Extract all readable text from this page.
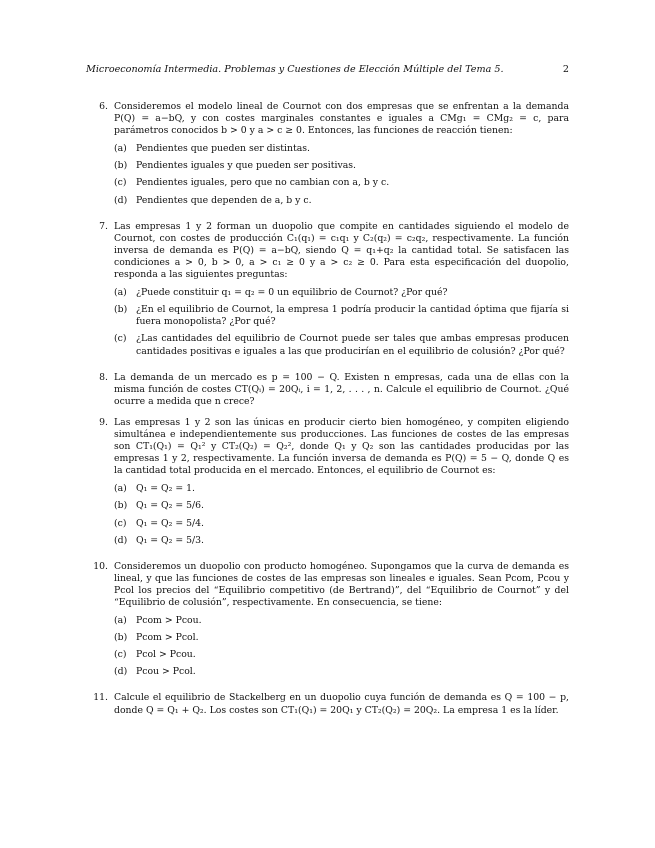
Microeconomía Intermedia. Problemas y Cuestiones de Elección Múltiple del Tema 5.	2
6. Consideremos el modelo lineal de Cournot con dos empresas que se enfrentan a la demanda P(Q) = a−bQ, y con costes marginales constantes e iguales a CMg₁ = CMg₂ = c, para parámetros conocidos b > 0 y a > c ≥ 0. Entonces, las funciones de reacción tienen:
(a) Pendientes que pueden ser distintas.
(b) Pendientes iguales y que pueden ser positivas.
(c)	Pendientes iguales, pero que no cambian con a, b y c.
(d) Pendientes que dependen de a, b y c.
7. Las empresas 1 y 2 forman un duopolio que compite en cantidades siguiendo el modelo de Cournot, con costes de producción C₁(q₁) = c₁q₁ y C₂(q₂) = c₂q₂, respectivamente. La función inversa de demanda es P(Q) = a−bQ, siendo Q = q₁+q₂ la cantidad total. Se satisfacen las condiciones a > 0, b > 0, a > c₁ ≥ 0 y a > c₂ ≥ 0. Para esta especificación del duopolio, responda a las siguientes preguntas:
(a) ¿Puede constituir q₁ = q₂ = 0 un equilibrio de Cournot? ¿Por qué?
(b) ¿En el equilibrio de Cournot, la empresa 1 podría producir la cantidad óptima que fijaría si fuera monopolista? ¿Por qué?
(c)	¿Las cantidades del equilibrio de Cournot puede ser tales que ambas empresas producen cantidades positivas e iguales a las que producirían en el equilibrio de colusión? ¿Por qué?
8. La demanda de un mercado es p = 100 − Q. Existen n empresas, cada una de ellas con la misma función de costes CT(Qᵢ) = 20Qᵢ, i = 1, 2, . . . , n. Calcule el equilibrio de Cournot. ¿Qué ocurre a medida que n crece?
9. Las empresas 1 y 2 son las únicas en producir cierto bien homogéneo, y compiten eligiendo simultánea e independientemente sus producciones. Las funciones de costes de las empresas son CT₁(Q₁) = Q₁² y CT₂(Q₂) = Q₂², donde Q₁ y Q₂ son las cantidades producidas por las empresas 1 y 2, respectivamente. La función inversa de demanda es P(Q) = 5 − Q, donde Q es la cantidad total producida en el mercado. Entonces, el equilibrio de Cournot es:
(a) Q₁ = Q₂ = 1.
(b) Q₁ = Q₂ = 5/6.
(c)	Q₁ = Q₂ = 5/4.
(d) Q₁ = Q₂ = 5/3.
10. Consideremos un duopolio con producto homogéneo. Supongamos que la curva de demanda es lineal, y que las funciones de costes de las empresas son lineales e iguales. Sean Pcom, Pcou y Pcol los precios del “Equilibrio competitivo (de Bertrand)”, del “Equilibrio de Cournot” y del “Equilibrio de colusión”, respectivamente. En consecuencia, se tiene:
(a) Pcom > Pcou.
(b) Pcom > Pcol.
(c)	Pcol > Pcou.
(d) Pcou > Pcol.
11. Calcule el equilibrio de Stackelberg en un duopolio cuya función de demanda es Q = 100 − p, donde Q = Q₁ + Q₂. Los costes son CT₁(Q₁) = 20Q₁ y CT₂(Q₂) = 20Q₂. La empresa 1 es la líder.
